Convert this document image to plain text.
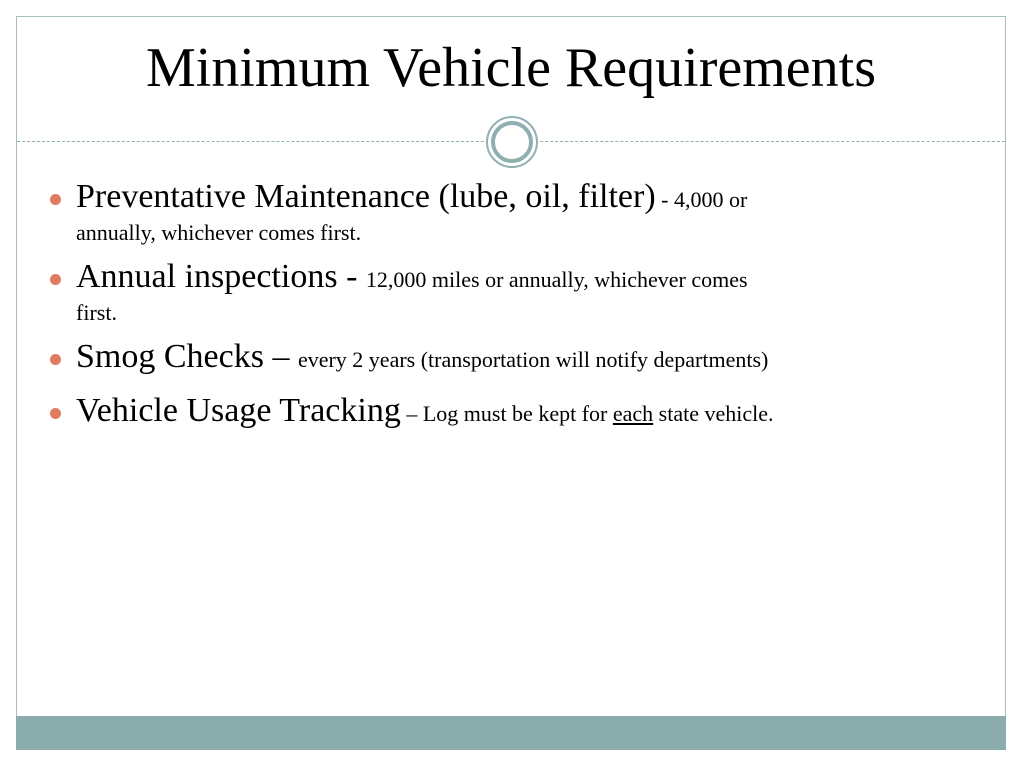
Minimum Vehicle Requirements
Preventative Maintenance (lube, oil, filter) - 4,000 or
annually, whichever comes first.
Annual inspections - 12,000 miles or annually, whichever comes
first.
Smog Checks – every 2 years (transportation will notify departments)
Vehicle Usage Tracking – Log must be kept for each state vehicle.
